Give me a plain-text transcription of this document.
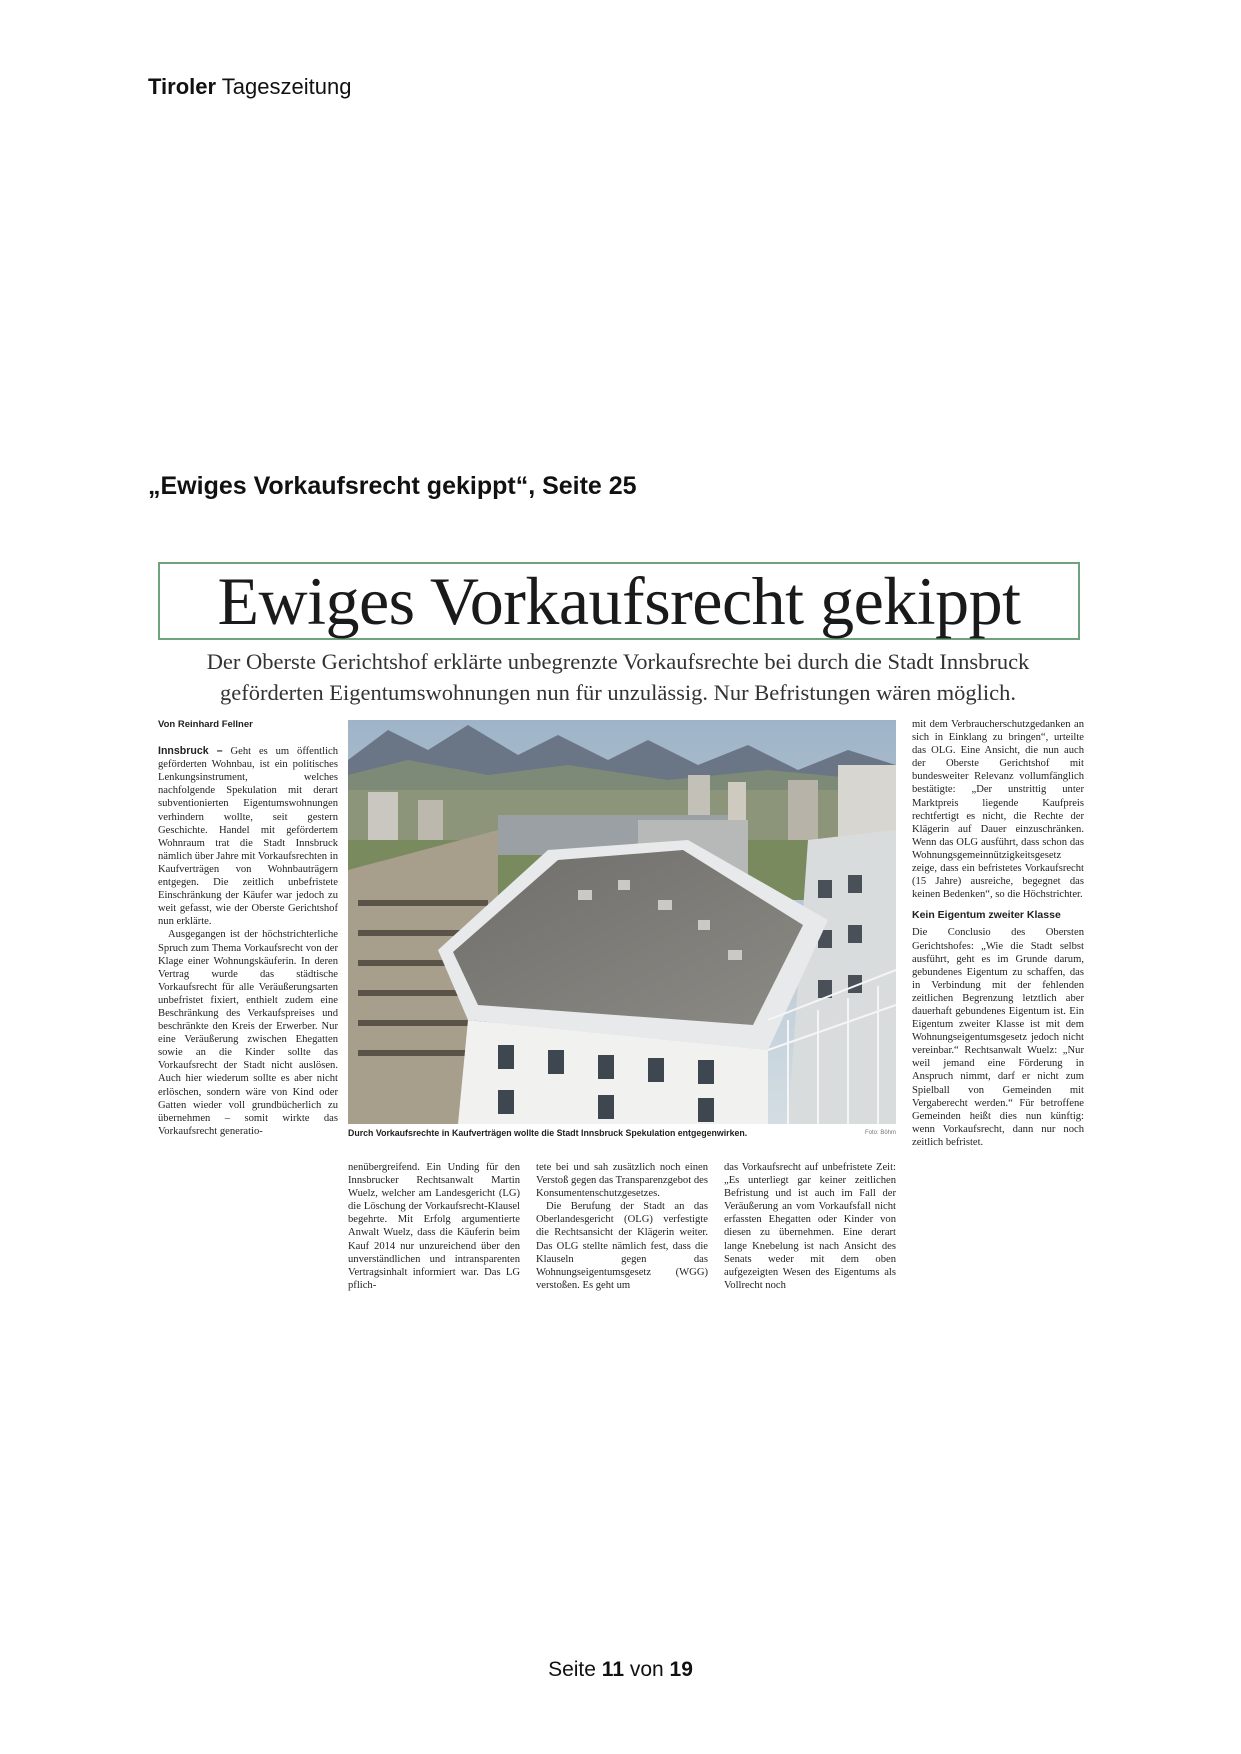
Tiroler Tageszeitung
„Ewiges Vorkaufsrecht gekippt“, Seite 25
Ewiges Vorkaufsrecht gekippt
Der Oberste Gerichtshof erklärte unbegrenzte Vorkaufsrechte bei durch die Stadt Innsbruck
geförderten Eigentumswohnungen nun für unzulässig. Nur Befristungen wären möglich.
Von Reinhard Fellner

Innsbruck – Geht es um öffentlich geförderten Wohnbau, ist ein politisches Lenkungsinstrument, welches nachfolgende Spekulation mit derart subventionierten Eigentumswohnungen verhindern wollte, seit gestern Geschichte. Handel mit gefördertem Wohnraum trat die Stadt Innsbruck nämlich über Jahre mit Vorkaufsrechten in Kaufverträgen von Wohnbauträgern entgegen. Die zeitlich unbefristete Einschränkung der Käufer war jedoch zu weit gefasst, wie der Oberste Gerichtshof nun erklärte.

Ausgegangen ist der höchstrichterliche Spruch zum Thema Vorkaufsrecht von der Klage einer Wohnungskäuferin. In deren Vertrag wurde das städtische Vorkaufsrecht für alle Veräußerungsarten unbefristet fixiert, enthielt zudem eine Beschränkung des Verkaufspreises und beschränkte den Kreis der Erwerber. Nur eine Veräußerung zwischen Ehegatten sowie an die Kinder sollte das Vorkaufsrecht der Stadt nicht auslösen. Auch hier wiederum sollte es aber nicht erlöschen, sondern wäre von Kind oder Gatten wieder voll grundbücherlich zu übernehmen – somit wirkte das Vorkaufsrecht generatio-	Durch Vorkaufsrechte in Kaufverträgen wollte die Stadt Innsbruck Spekulation entgegenwirken.	Foto: Böhm

nenübergreifend. Ein Unding für den Innsbrucker Rechtsanwalt Martin Wuelz, welcher am Landesgericht (LG) die Löschung der Vorkaufsrecht-Klausel begehrte. Mit Erfolg argumentierte Anwalt Wuelz, dass die Käuferin beim Kauf 2014 nur unzureichend über den unverständlichen und intransparenten Vertragsinhalt informiert war. Das LG pflich-

tete bei und sah zusätzlich noch einen Verstoß gegen das Transparenzgebot des Konsumentenschutzgesetzes.

Die Berufung der Stadt an das Oberlandesgericht (OLG) verfestigte die Rechtsansicht der Klägerin weiter. Das OLG stellte nämlich fest, dass die Klauseln gegen das Wohnungseigentumsgesetz (WGG) verstoßen. Es geht um

das Vorkaufsrecht auf unbefristete Zeit: „Es unterliegt gar keiner zeitlichen Befristung und ist auch im Fall der Veräußerung an vom Vorkaufsfall nicht erfassten Ehegatten oder Kinder von diesen zu übernehmen. Eine derart lange Knebelung ist nach Ansicht des Senats weder mit dem oben aufgezeigten Wesen des Eigentums als Vollrecht noch

mit dem Verbraucherschutzgedanken an sich in Einklang zu bringen“, urteilte das OLG. Eine Ansicht, die nun auch der Oberste Gerichtshof mit bundesweiter Relevanz vollumfänglich bestätigte: „Der unstrittig unter Marktpreis liegende Kaufpreis rechtfertigt es nicht, die Rechte der Klägerin auf Dauer einzuschränken. Wenn das OLG ausführt, dass schon das Wohnungsgemeinnützigkeitsgesetz zeige, dass ein befristetes Vorkaufsrecht (15 Jahre) ausreiche, begegnet das keinen Bedenken“, so die Höchstrichter.

Kein Eigentum zweiter Klasse

Die Conclusio des Obersten Gerichtshofes: „Wie die Stadt selbst ausführt, geht es im Grunde darum, gebundenes Eigentum zu schaffen, das in Verbindung mit der fehlenden zeitlichen Begrenzung letztlich aber dauerhaft gebundenes Eigentum ist. Ein Eigentum zweiter Klasse ist mit dem Wohnungseigentumsgesetz jedoch nicht vereinbar.“ Rechtsanwalt Wuelz: „Nur weil jemand eine Förderung in Anspruch nimmt, darf er nicht zum Spielball von Gemeinden mit Vergaberecht werden.“ Für betroffene Gemeinden heißt dies nun künftig: wenn Vorkaufsrecht, dann nur noch zeitlich befristet.

Seite 11 von 19
